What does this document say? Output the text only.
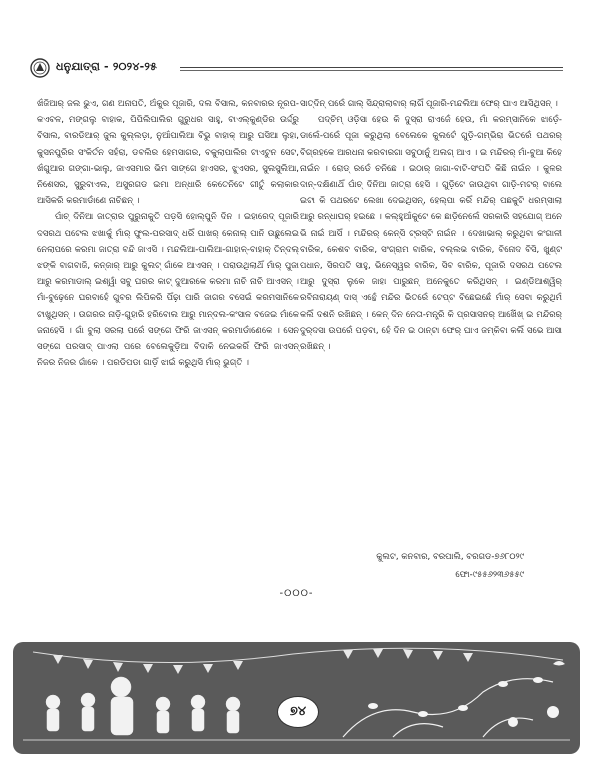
ଧନୁଯାତ୍ରା - ୨୦୨୪-୨୫

ଖଁଜିଆର୍ ଜଲ ଭୁଏ, ଗଣ ଅନାପତି, ଅଁକୁର ପୂଜାରି, ଦଲ ବିସାଲ, କନବାରର ନୂରପ-କଏବଳ, ମଙ୍ଗଲୁ ବାହାକ, ପିପିଲିପାଲିର ଗୁରୁଧର ସାହୁ, ବାଏଲ୍‌କୁଣ୍ଡିର ଉର୍ଦ୍ଦ୍ରୁ ବିସାଲ, ବାରଡିଆର୍ ଜୁଲ କୁଲ୍ଲଡ଼ା, ନୁଆଁପାଲିଆ ବିଭୁ ବାହାକ୍ ଆରୁ ଘସିଆ ଲୁହା, କୁସନପୁରିର ସଂକିର୍ତନ ସହଁରା, ଡବଲିର ହେମସାଗର, ବକୁଲାପାଲିର ଟାଏଟୁନ ସେଟ, ଖଁଗୁଆର ଗଙ୍ଗା-ଭାଲୁ, ଜାଏସମାର ଭିମ ସାଙ୍ଗେ ହାଏସର, ଝୁଏସର, ସୁଲସୁଲିଆ, ନିଶେସର, ସୁରୁବାଏଲ, ଅସୁରଗଡ ଇମା ଅନ୍ଧାରି କେତେନିଟେ ଗୀତୁଁ କଲାକାର ଆସିକରି କରମାଡାଁଣେ ନାଚିଛନ୍ ।

ପାଁଚ୍ ଦିନିଆ ଜାତ୍ରାର ପୁରୁନାକୁତି ପଡ଼ସି ହୋଲ୍‌ପୁନି ଦିନ । ଇହାରେଦ୍ ପୂଜାରି ଦସରଥ ପଟେଲ ଝଖାକୁଁ ମାଁର୍ ଫୁଲ-ପରସାଦ୍ ଧରିଁ ପାଖର୍ କେନାଲ୍ ପାନି ଉଛୁଲେଇ ନେଲାପରେ କରମା ଜାତ୍ରା ବନ୍ଦି ଜାଏସି । ମନ୍ଦଲିଆ-ପାଲିଆ-ଗାହାଳ୍-ବାହାକ୍ ତିନ୍‌ଦଲ୍ ଝଙ୍କି ବାଗବାଜି, କନ୍‌ଜାର୍ ଆରୁ କୁଲଟ୍ ଗାଁକେ ଆଏସନ୍ । ପରାଉଥିଲାଥିଁ ମାଁର୍ ପୁଜା ଆରୁ କରମାଡାଲ୍ ଇଶ୍ୱାଁ ସବୁ ଘରର କାଟ୍ ଦୁଆରକେ କରମା ନାଚି ନାଚି ଆଏସନ୍ । ମାଁ-ବୁଢ଼େନେ ଘରବାହେଁ ଗୁବର ଲିପିକରି ପିଁଢ଼ା ପାରି ଜାଗର ବସେଇଁ କରମସାନିକେ ଟାଖୁଥିସନ୍ । ଉଗରର ନାଡ଼ି-ଗୁହାରି ହରିବୋଲ ଆରୁ ମାନ୍‌ଦଲ-କଂସାଳ ବଜେଇ ମାଁକେ ଜନାହେସି । ଗାଁ ବୁଲା ସରଲା ପରେଁ ସଙ୍ଗେ ଫିରି ଜାଏସନ୍ କରମାଡାଁଣେକେ । ସେନ ସଙ୍ଗେ ପରସାଦ୍ ପାଏଲା ପରେ ବେଲେକୁଡ଼ିଆ ବିଦାକି ନେଇକରିଁ ଫିରି ଜାଏସନ୍ ନିଜର ନିଜର ଗାଁକେ । ପରଡିପଡା ଗାଡ଼ିଁ ଝାଇଁ କରୁଥିସି ମାଁର୍ ଭୁଗ୍ତି ।

ସାତ୍‌ଦିନ୍ ପରେଁ ଗାଲ୍ ସିନ୍ଦ୍ରାଲାବାର୍ ଲାଗିଁ ପୂଜାରି-ମନ୍ଦଲିଆ ଫେର୍ ଘାଏ ଆସିଥିସନ୍ ।

ପଦ୍‌ଚିମ୍ ଓଡ଼ିସା ହେଉ କି ଦୁସ୍‌ରା ରାଏଜେଁ ହେଉ, ମାଁ କରମ୍‌ସାନିକେ ଝାଡ଼େଁ-ଡାଲେଁ-ପରେଁ ପୂଜା କରୁଥିଲା ବେଲେକେ କୁଲଟେଁ ଗୁଡ଼ି-ଗମ୍ଭିରା ଭିତରେଁ ପଥରର୍ ବିଗ୍ରହକେ ଆରଧନା କରବାରଗା ସବୁଠାନୁଁ ଅଲଗ୍ ଆଏ । ଇ ମନ୍ଦିରର୍ ମାଁ-ବୁଆ କିହେ ନାଇଁନ । ରୋଡ୍ ରଡେଁ ଚନିଛେ । ଇଠାର୍ ଜାଗା-ବାଟି-ସଂପତି କିଛି ନାଇଁନ । କୁଳର ଦାନ୍-ଦକ୍ଷିଣାଥିଁ ପାଁଚ୍ ଦିନିଆ ଜାତ୍ରା ହେସି । ଗୁଡ଼ିଟେ ଜାଉଥିବା ଗାଡ଼ି-ମଟର୍ ବାଲେ ଇଟା କି ପଥରଟେ ଲେଖା ଦେଇଥିସନ୍, ହେଲ୍ପା କରିଁ ମନ୍ଦିର୍ ପଛକୁଟି ଧରମ୍‌ସାଲା ଆରୁ ରନ୍ଧାଘର୍ ହଇଛେ । କଲ୍‌ହୁଆଁକୁଟେ କେ ଛାଡ଼ିନେଲେଁ ସରକାରି ସହଯୋଗ୍ ଅନେ ଭି ନାଇଁ ଆସିଁ । ମନ୍ଦିରର୍ କେନ୍‌ସି ଟ୍ରସ୍ଟି ନାଇଁନ । ଦେଖାଭାଲ୍ କରୁଥିବା କଂଗାଳୀ ବାରିକ, କେଶବ ବାରିକ, ସଂଗ୍ରାମ ବାରିକ, ବଲ୍ଲଭ ବାରିକ, ବିନୋଦ ବିସି, ଖୁଣ୍ଟ ପଧାନ, ସିରପତି ସାହୁ, ଭିନେସ୍ୱର ବାରିକ, ସିବ ବାରିକ, ପୂଜାରି ଦସରଥ ପଟେଲ ଆରୁ ଦୁସ୍‌ରା ଲୁକେ ଜାହା ପାରୁଛନ୍ ଅନେକୁତେ କରିଥିସନ୍ । ଇଣ୍ଡିଆଶ୍ୱିର୍ ରବିନାରାୟଣ୍ ଦାସ୍ ଏନ୍ଥେଁ ମନ୍ଦିର ଭିତରେଁ ଟେପ୍ଟ ବିଛେଇଛେଁ ମାଁର୍ ସେବା କରୁଥିମଁ କଲିଁ ଦଶନି ରଖିଛନ୍ । କେନ୍ ଦିନ ନେତା-ମନ୍ତ୍ରି କି ପ୍ରସାସନର୍ ଆର୍ଖେଁଖ୍ ଇ ମନ୍ଦିରର୍ ଦୁର୍‌ଦସା ଉପରେଁ ପଡ଼ବା, ହେଁ ଦିନ ଇ ଠାନ୍‌ଟା ଫେର୍ ଘାଏ ଜମ୍‌କିବା କଲିଁ ସଭେ ଆସା ରଖିଛନ୍ ।

କୁଲଟ, କନବାର, ବରପାଲି, ବରଗଡ-୭୬୮୦୨୯
ଫୋ-୯୫୫୬୨୩୬୫୫୯
-୦୦୦-
୭୪
